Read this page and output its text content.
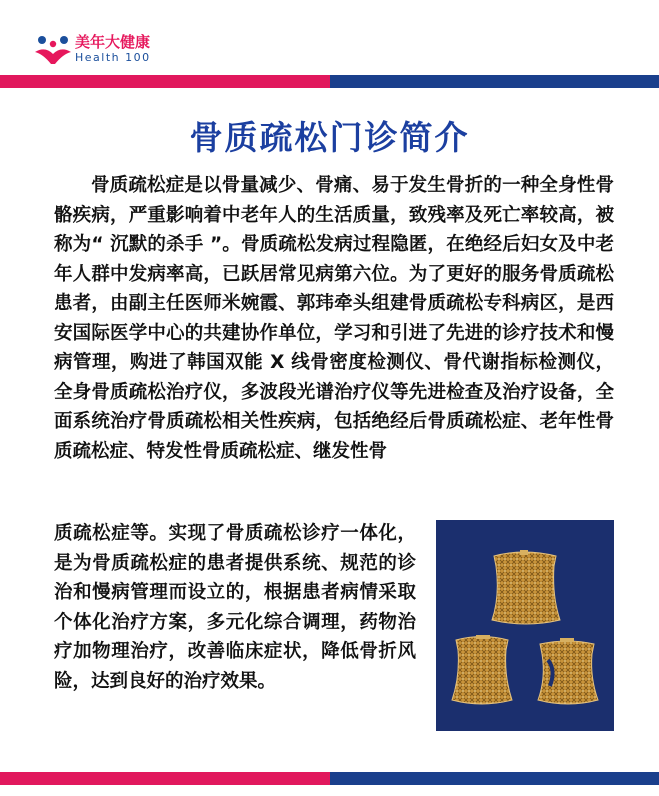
美年大健康
Health 100
骨质疏松门诊简介

骨质疏松症是以骨量减少、骨痛、易于发生骨折的一种全身性骨骼疾病，严重影响着中老年人的生活质量，致残率及死亡率较高，被称为“ 沉默的杀手 ”。骨质疏松发病过程隐匿，在绝经后妇女及中老年人群中发病率高，已跃居常见病第六位。为了更好的服务骨质疏松患者，由副主任医师米婉霞、郭玮牵头组建骨质疏松专科病区，是西安国际医学中心的共建协作单位，学习和引进了先进的诊疗技术和慢病管理，购进了韩国双能 X 线骨密度检测仪、骨代谢指标检测仪，全身骨质疏松治疗仪，多波段光谱治疗仪等先进检查及治疗设备，全面系统治疗骨质疏松相关性疾病，包括绝经后骨质疏松症、老年性骨质疏松症、特发性骨质疏松症、继发性骨

质疏松症等。实现了骨质疏松诊疗一体化，是为骨质疏松症的患者提供系统、规范的诊治和慢病管理而设立的，根据患者病情采取个体化治疗方案，多元化综合调理，药物治疗加物理治疗，改善临床症状，降低骨折风险，达到良好的治疗效果。
